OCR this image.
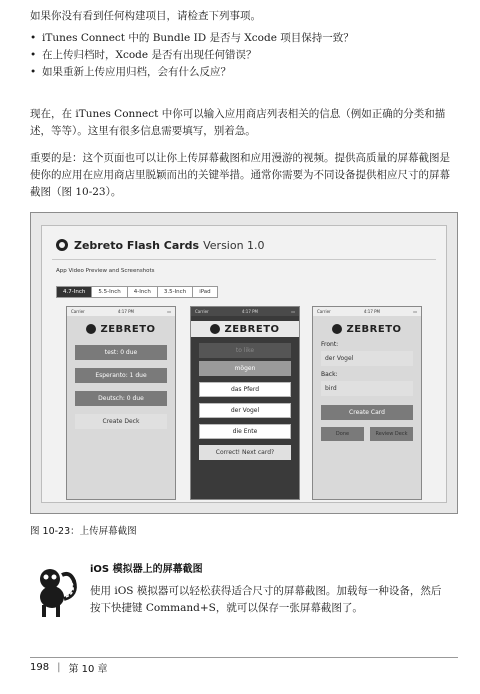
如果你没有看到任何构建项目，请检查下列事项。
• iTunes Connect 中的 Bundle ID 是否与 Xcode 项目保持一致？
• 在上传归档时，Xcode 是否有出现任何错误？
• 如果重新上传应用归档，会有什么反应？
现在，在 iTunes Connect 中你可以输入应用商店列表相关的信息（例如正确的分类和描述，等等）。这里有很多信息需要填写，别着急。
重要的是：这个页面也可以让你上传屏幕截图和应用漫游的视频。提供高质量的屏幕截图是使你的应用在应用商店里脱颖而出的关键举措。通常你需要为不同设备提供相应尺寸的屏幕截图（图 10-23）。
Zebreto Flash Cards Version 1.0
App Video Preview and Screenshots
4.7-Inch	5.5-Inch	4-Inch	3.5-Inch	iPad
Carrier	4:17 PM	▭
ZEBRETO
test: 0 due
Esperanto: 1 due
Deutsch: 0 due
Create Deck
Carrier	4:17 PM	▭
ZEBRETO
to like
mögen
das Pferd
der Vogel
die Ente
Correct! Next card?
Carrier	4:17 PM	▭
ZEBRETO
Front:
der Vogel
Back:
bird
Create Card
Done	Review Deck
图 10-23：上传屏幕截图
iOS 模拟器上的屏幕截图
使用 iOS 模拟器可以轻松获得适合尺寸的屏幕截图。加载每一种设备，然后按下快捷键 Command+S，就可以保存一张屏幕截图了。
198 | 第 10 章
